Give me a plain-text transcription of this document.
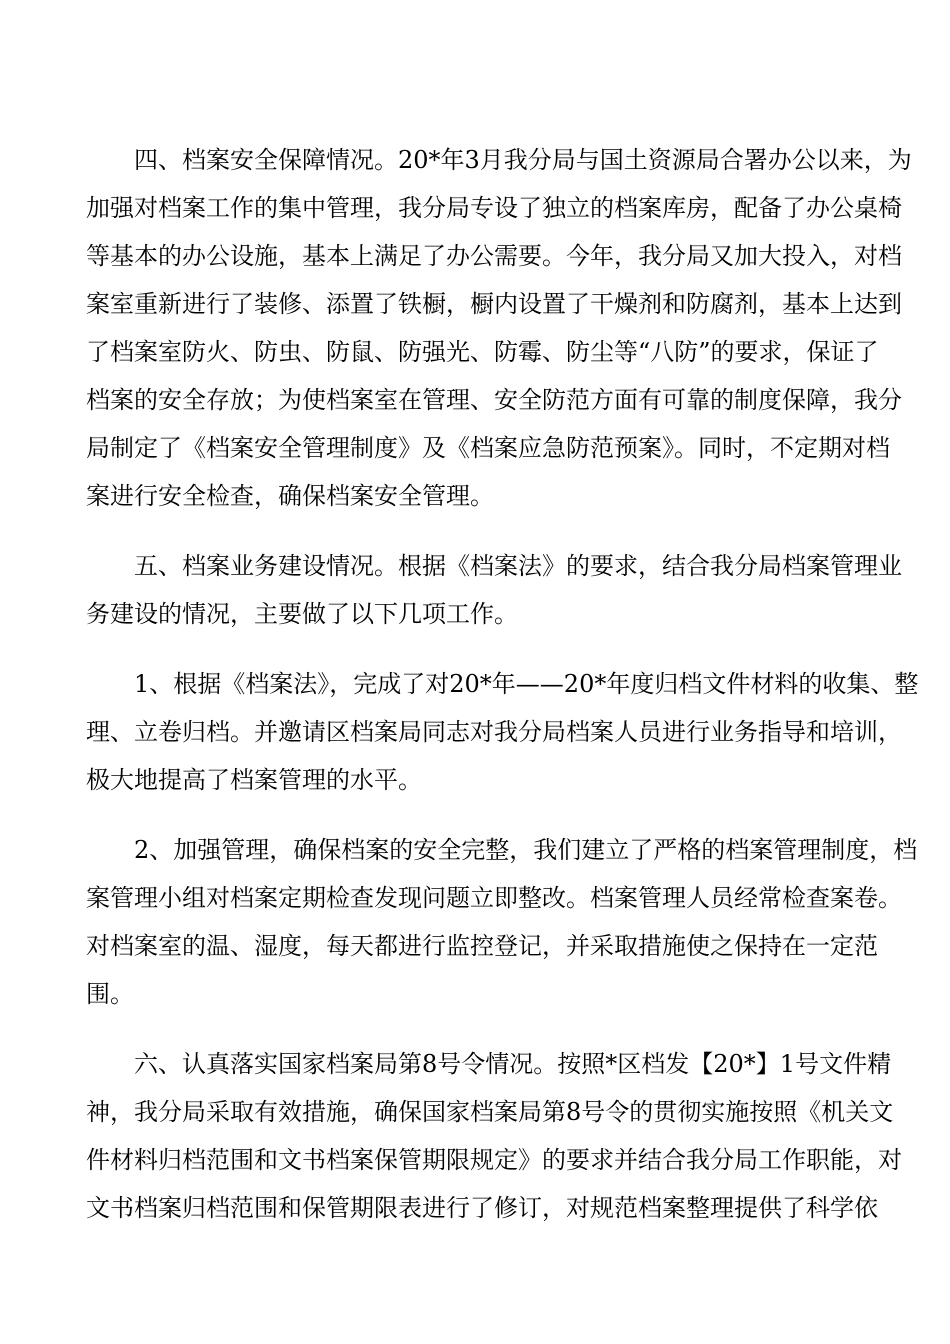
四、档案安全保障情况。20*年3月我分局与国土资源局合署办公以来，为
加强对档案工作的集中管理，我分局专设了独立的档案库房，配备了办公桌椅
等基本的办公设施，基本上满足了办公需要。今年，我分局又加大投入，对档
案室重新进行了装修、添置了铁橱，橱内设置了干燥剂和防腐剂，基本上达到
了档案室防火、防虫、防鼠、防强光、防霉、防尘等“八防”的要求，保证了
档案的安全存放；为使档案室在管理、安全防范方面有可靠的制度保障，我分
局制定了《档案安全管理制度》及《档案应急防范预案》。同时，不定期对档
案进行安全检查，确保档案安全管理。

五、档案业务建设情况。根据《档案法》的要求，结合我分局档案管理业
务建设的情况，主要做了以下几项工作。

1、根据《档案法》，完成了对20*年——20*年度归档文件材料的收集、整
理、立卷归档。并邀请区档案局同志对我分局档案人员进行业务指导和培训，
极大地提高了档案管理的水平。

2、加强管理，确保档案的安全完整，我们建立了严格的档案管理制度，档
案管理小组对档案定期检查发现问题立即整改。档案管理人员经常检查案卷。
对档案室的温、湿度，每天都进行监控登记，并采取措施使之保持在一定范
围。

六、认真落实国家档案局第8号令情况。按照*区档发【20*】1号文件精
神，我分局采取有效措施，确保国家档案局第8号令的贯彻实施按照《机关文
件材料归档范围和文书档案保管期限规定》的要求并结合我分局工作职能，对
文书档案归档范围和保管期限表进行了修订，对规范档案整理提供了科学依
